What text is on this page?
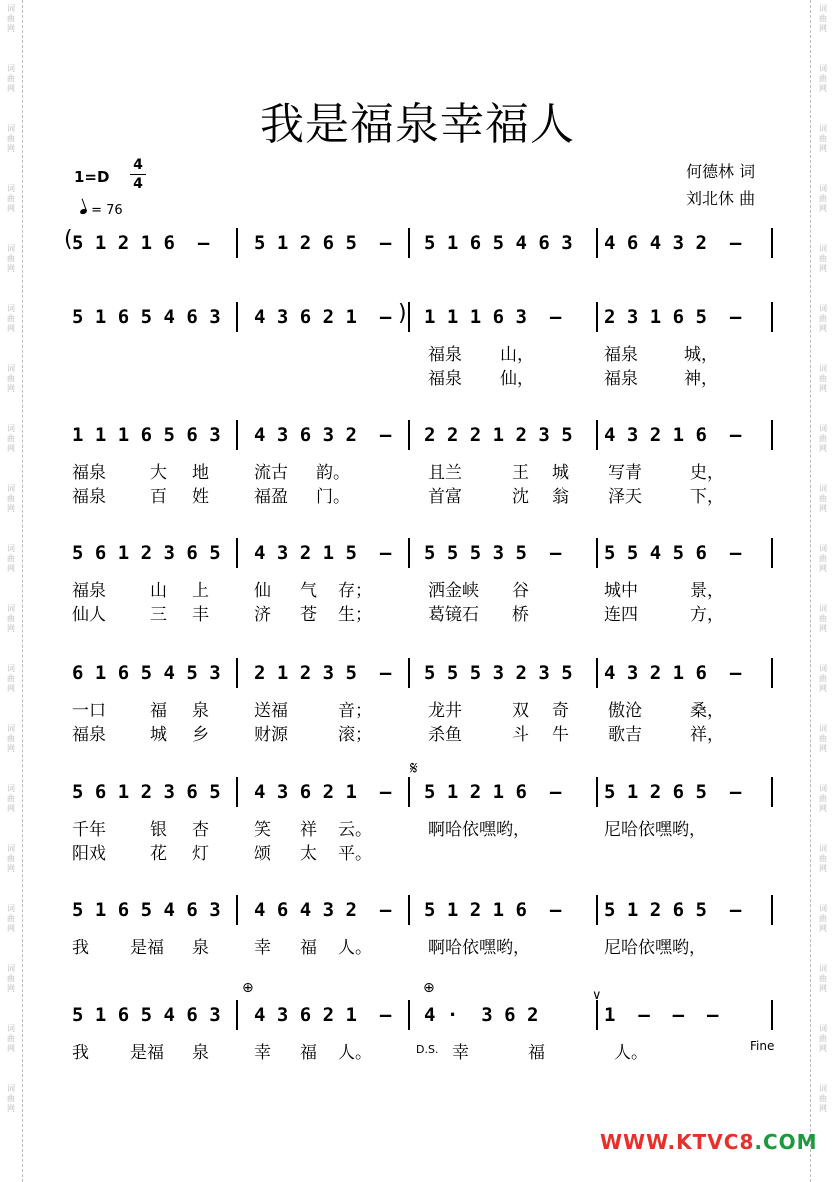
词
曲
网
词
曲
网
词
曲
网
词
曲
网
词
曲
网
词
曲
网
词
曲
网
词
曲
网
词
曲
网
词
曲
网
词
曲
网
词
曲
网
词
曲
网
词
曲
网
词
曲
网
词
曲
网
词
曲
网
词
曲
网
词
曲
网
词
曲
网
词
曲
网
词
曲
网
词
曲
网
词
曲
网
词
曲
网
词
曲
网
词
曲
网
词
曲
网
词
曲
网
词
曲
网
词
曲
网
词
曲
网
词
曲
网
词
曲
网
词
曲
网
词
曲
网
词
曲
网
词
曲
网
我是福泉幸福人
1=D
4
4
= 76
何德林 词
刘北休 曲
5 1 2 1 6  – 5 1 2 6 5  – 5 1 6 5 4 6 3 4 6 4 3 2  –
5 1 6 5 4 6 3 4 3 6 2 1  – 1 1 1 6 3  – 2 3 1 6 5  –
福泉 山，	福泉	城，
福泉 仙，	福泉	神，
1 1 1 6 5 6 3 4 3 6 3 2  – 2 2 2 1 2 3 5 4 3 2 1 6  –
福泉	大 地	流古 韵。	且兰	王 城 写青	史，
福泉	百 姓	福盈 门。	首富	沈 翁 泽天	下，
5 6 1 2 3 6 5 4 3 2 1 5  – 5 5 5 3 5  – 5 5 4 5 6  –
福泉	山 上	仙 气 存；	洒金峡 谷	城中	景，
仙人	三 丰	济 苍 生；	葛镜石 桥	连四	方，
6 1 6 5 4 5 3 2 1 2 3 5  – 5 5 5 3 2 3 5 4 3 2 1 6  –
一口	福 泉	送福	音；	龙井	双 奇 傲沧	桑，
福泉	城 乡	财源	滚；	杀鱼	斗 牛 歌吉	祥，
5 6 1 2 3 6 5 4 3 6 2 1  – 5 1 2 1 6  – 5 1 2 6 5  –
千年	银 杏	笑 祥 云。	啊哈依嘿哟，	尼哈依嘿哟，
阳戏	花 灯	颂 太 平。
5 1 6 5 4 6 3 4 6 4 3 2  – 5 1 2 1 6  – 5 1 2 6 5  –
我 是福 泉	幸 福 人。	啊哈依嘿哟，	尼哈依嘿哟，
5 1 6 5 4 6 3 4 3 6 2 1  – 4 ·  3 6 2	1  –  –  –
我 是福 泉	幸 福 人。	幸	福	人。
(
)
𝄋
⊕	⊕	∨
D.S.	Fine
WWW.KTVC8.COM
